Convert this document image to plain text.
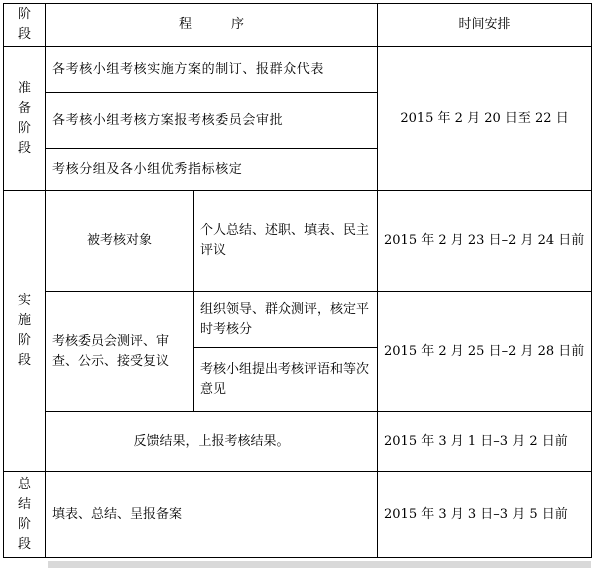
阶段	程　　　序		时间安排

准备阶段	各考核小组考核实施方案的制订、报群众代表		2015 年 2 月 20 日至 22 日
	各考核小组考核方案报考核委员会审批		
	考核分组及各小组优秀指标核定		

实施阶段	被考核对象	个人总结、述职、填表、民主评议	2015 年 2 月 23 日–2 月 24 日前
	考核委员会测评、审查、公示、接受复议	组织领导、群众测评，核定平时考核分	2015 年 2 月 25 日–2 月 28 日前
		考核小组提出考核评语和等次意见	
	反馈结果，上报考核结果。		2015 年 3 月 1 日–3 月 2 日前

总结阶段	填表、总结、呈报备案		2015 年 3 月 3 日–3 月 5 日前
